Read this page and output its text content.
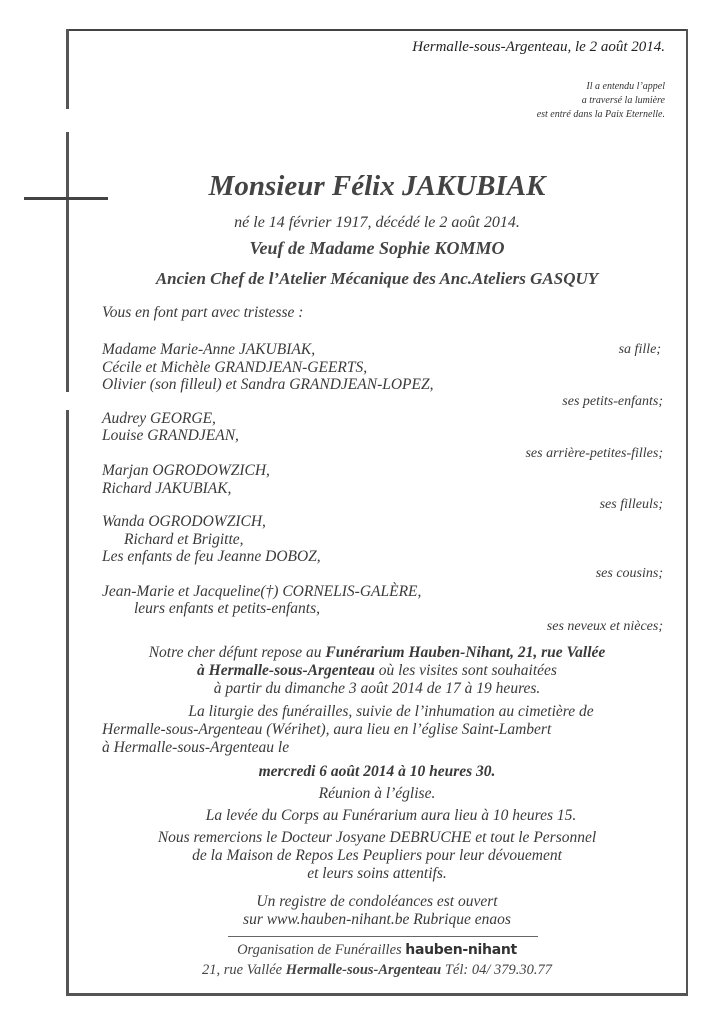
Hermalle-sous-Argenteau, le 2 août 2014.
Il a entendu l’appel
a traversé la lumière
est entré dans la Paix Eternelle.
Monsieur Félix JAKUBIAK
né le 14 février 1917, décédé le 2 août 2014.
Veuf de Madame Sophie KOMMO
Ancien Chef de l’Atelier Mécanique des Anc.Ateliers GASQUY
Vous en font part avec tristesse :
Madame Marie-Anne JAKUBIAK,	sa fille;
Cécile et Michèle GRANDJEAN-GEERTS,
Olivier (son filleul) et Sandra GRANDJEAN-LOPEZ,
ses petits-enfants;
Audrey GEORGE,
Louise GRANDJEAN,
ses arrière-petites-filles;
Marjan OGRODOWZICH,
Richard JAKUBIAK,
ses filleuls;
Wanda OGRODOWZICH,
Richard et Brigitte,
Les enfants de feu Jeanne DOBOZ,
ses cousins;
Jean-Marie et Jacqueline(†) CORNELIS-GALÈRE,
leurs enfants et petits-enfants,
ses neveux et nièces;
Notre cher défunt repose au Funérarium Hauben-Nihant, 21, rue Vallée
à Hermalle-sous-Argenteau où les visites sont souhaitées
à partir du dimanche 3 août 2014 de 17 à 19 heures.
La liturgie des funérailles, suivie de l’inhumation au cimetière de
Hermalle-sous-Argenteau (Wérihet), aura lieu en l’église Saint-Lambert
à Hermalle-sous-Argenteau le
mercredi 6 août 2014 à 10 heures 30.
Réunion à l’église.
La levée du Corps au Funérarium aura lieu à 10 heures 15.
Nous remercions le Docteur Josyane DEBRUCHE et tout le Personnel
de la Maison de Repos Les Peupliers pour leur dévouement
et leurs soins attentifs.
Un registre de condoléances est ouvert
sur www.hauben-nihant.be Rubrique enaos
Organisation de Funérailles hauben-nihant
21, rue Vallée Hermalle-sous-Argenteau Tél: 04/ 379.30.77
